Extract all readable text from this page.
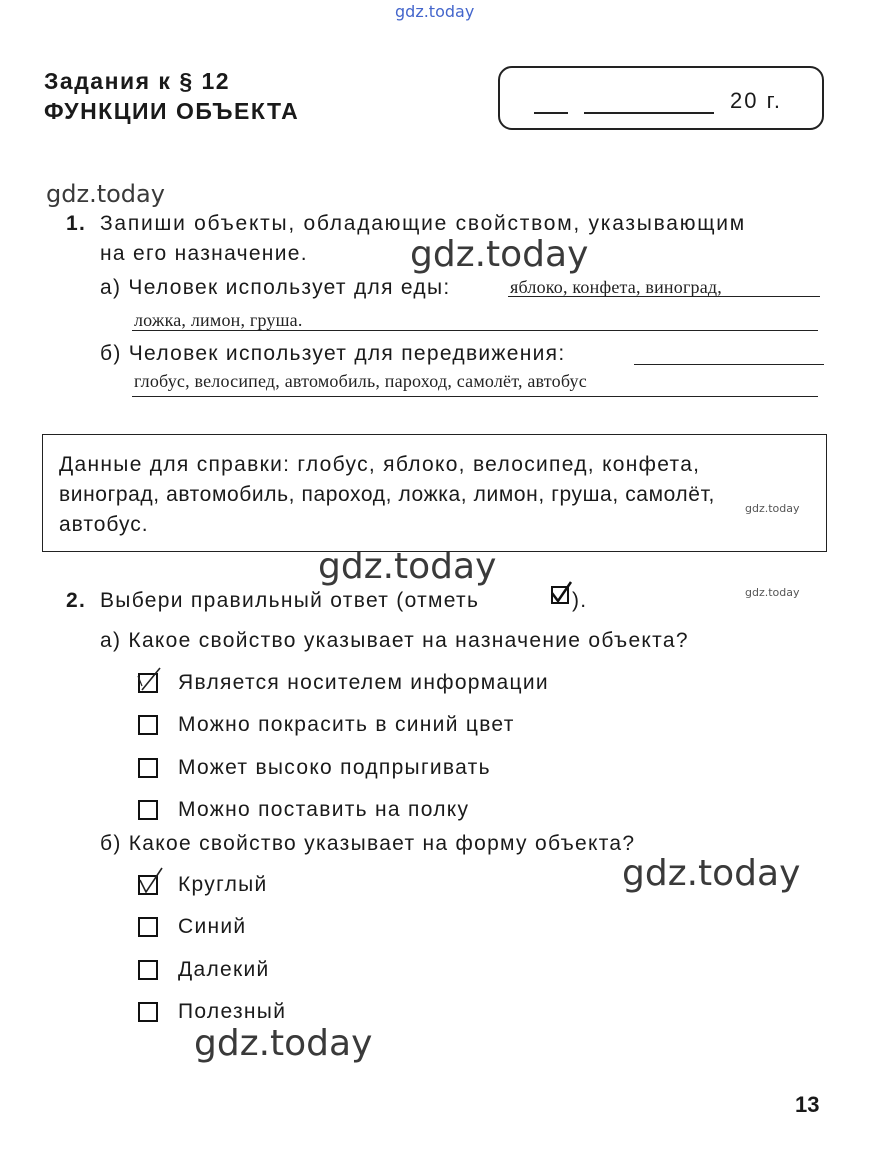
gdz.today
gdz.today
gdz.today
gdz.today
gdz.today
gdz.today
gdz.today
gdz.today
Задания к § 12
ФУНКЦИИ ОБЪЕКТА	20 г.
1. Запиши объекты, обладающие свойством, указывающим
на его назначение.
а) Человек использует для еды:	яблоко, конфета, виноград,
ложка, лимон, груша.
б) Человек использует для передвижения:
глобус, велосипед, автомобиль, пароход, самолёт, автобус
Данные для справки: глобус, яблоко, велосипед, конфета,
виноград, автомобиль, пароход, ложка, лимон, груша, самолёт,
автобус.
2. Выбери правильный ответ (отметь	).
а) Какое свойство указывает на назначение объекта?
Является носителем информации
Можно покрасить в синий цвет
Может высоко подпрыгивать
Можно поставить на полку
б) Какое свойство указывает на форму объекта?
Круглый
Синий
Далекий
Полезный
13
